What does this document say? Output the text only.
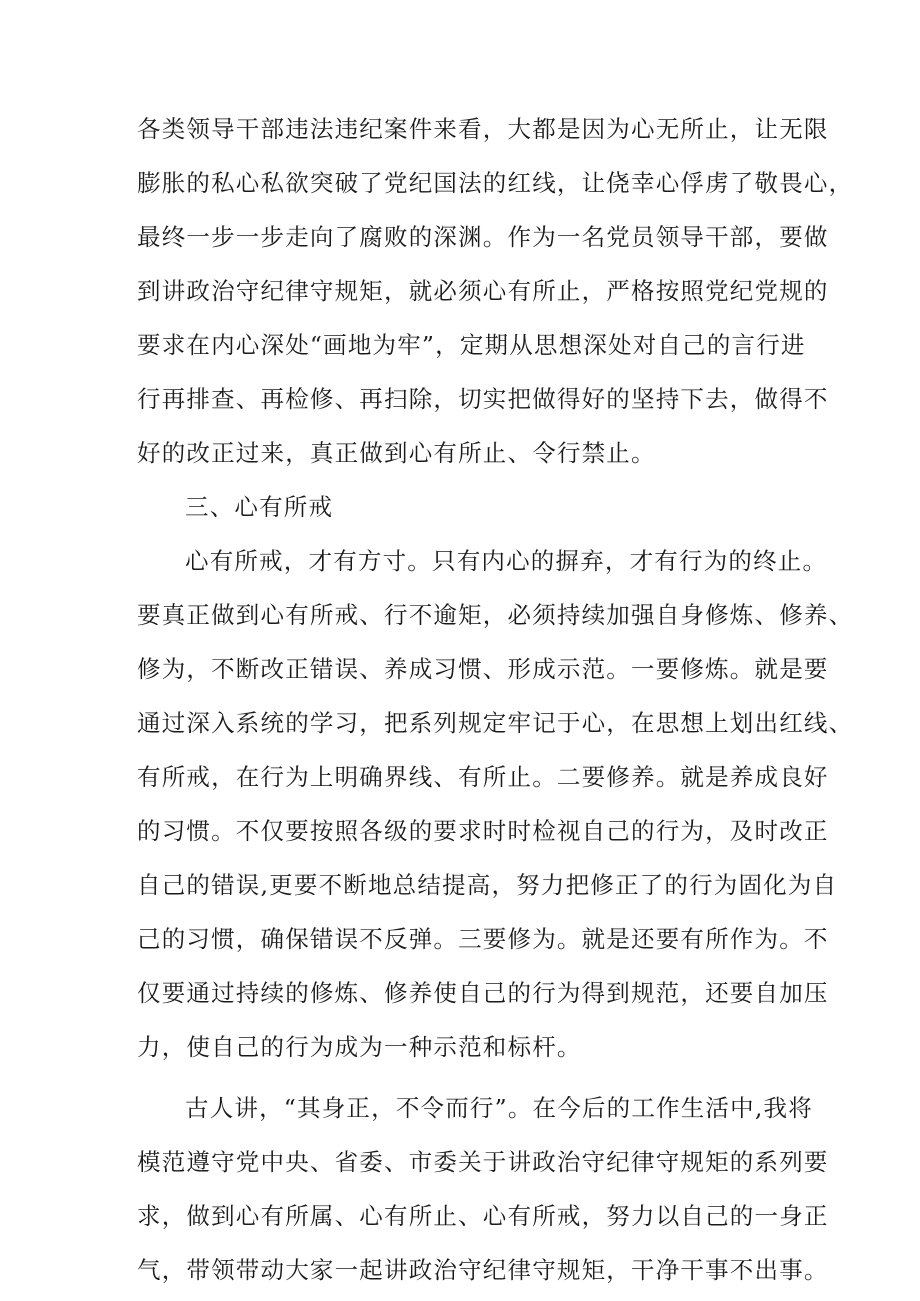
各类领导干部违法违纪案件来看，大都是因为心无所止，让无限
膨胀的私心私欲突破了党纪国法的红线，让侥幸心俘虏了敬畏心，
最终一步一步走向了腐败的深渊。作为一名党员领导干部，要做
到讲政治守纪律守规矩，就必须心有所止，严格按照党纪党规的
要求在内心深处“画地为牢”，定期从思想深处对自己的言行进
行再排查、再检修、再扫除，切实把做得好的坚持下去，做得不
好的改正过来，真正做到心有所止、令行禁止。
三、心有所戒
心有所戒，才有方寸。只有内心的摒弃，才有行为的终止。
要真正做到心有所戒、行不逾矩，必须持续加强自身修炼、修养、
修为，不断改正错误、养成习惯、形成示范。一要修炼。就是要
通过深入系统的学习，把系列规定牢记于心，在思想上划出红线、
有所戒，在行为上明确界线、有所止。二要修养。就是养成良好
的习惯。不仅要按照各级的要求时时检视自己的行为，及时改正
自己的错误,更要不断地总结提高，努力把修正了的行为固化为自
己的习惯，确保错误不反弹。三要修为。就是还要有所作为。不
仅要通过持续的修炼、修养使自己的行为得到规范，还要自加压
力，使自己的行为成为一种示范和标杆。
古人讲，“其身正，不令而行”。在今后的工作生活中,我将
模范遵守党中央、省委、市委关于讲政治守纪律守规矩的系列要
求，做到心有所属、心有所止、心有所戒，努力以自己的一身正
气，带领带动大家一起讲政治守纪律守规矩，干净干事不出事。
